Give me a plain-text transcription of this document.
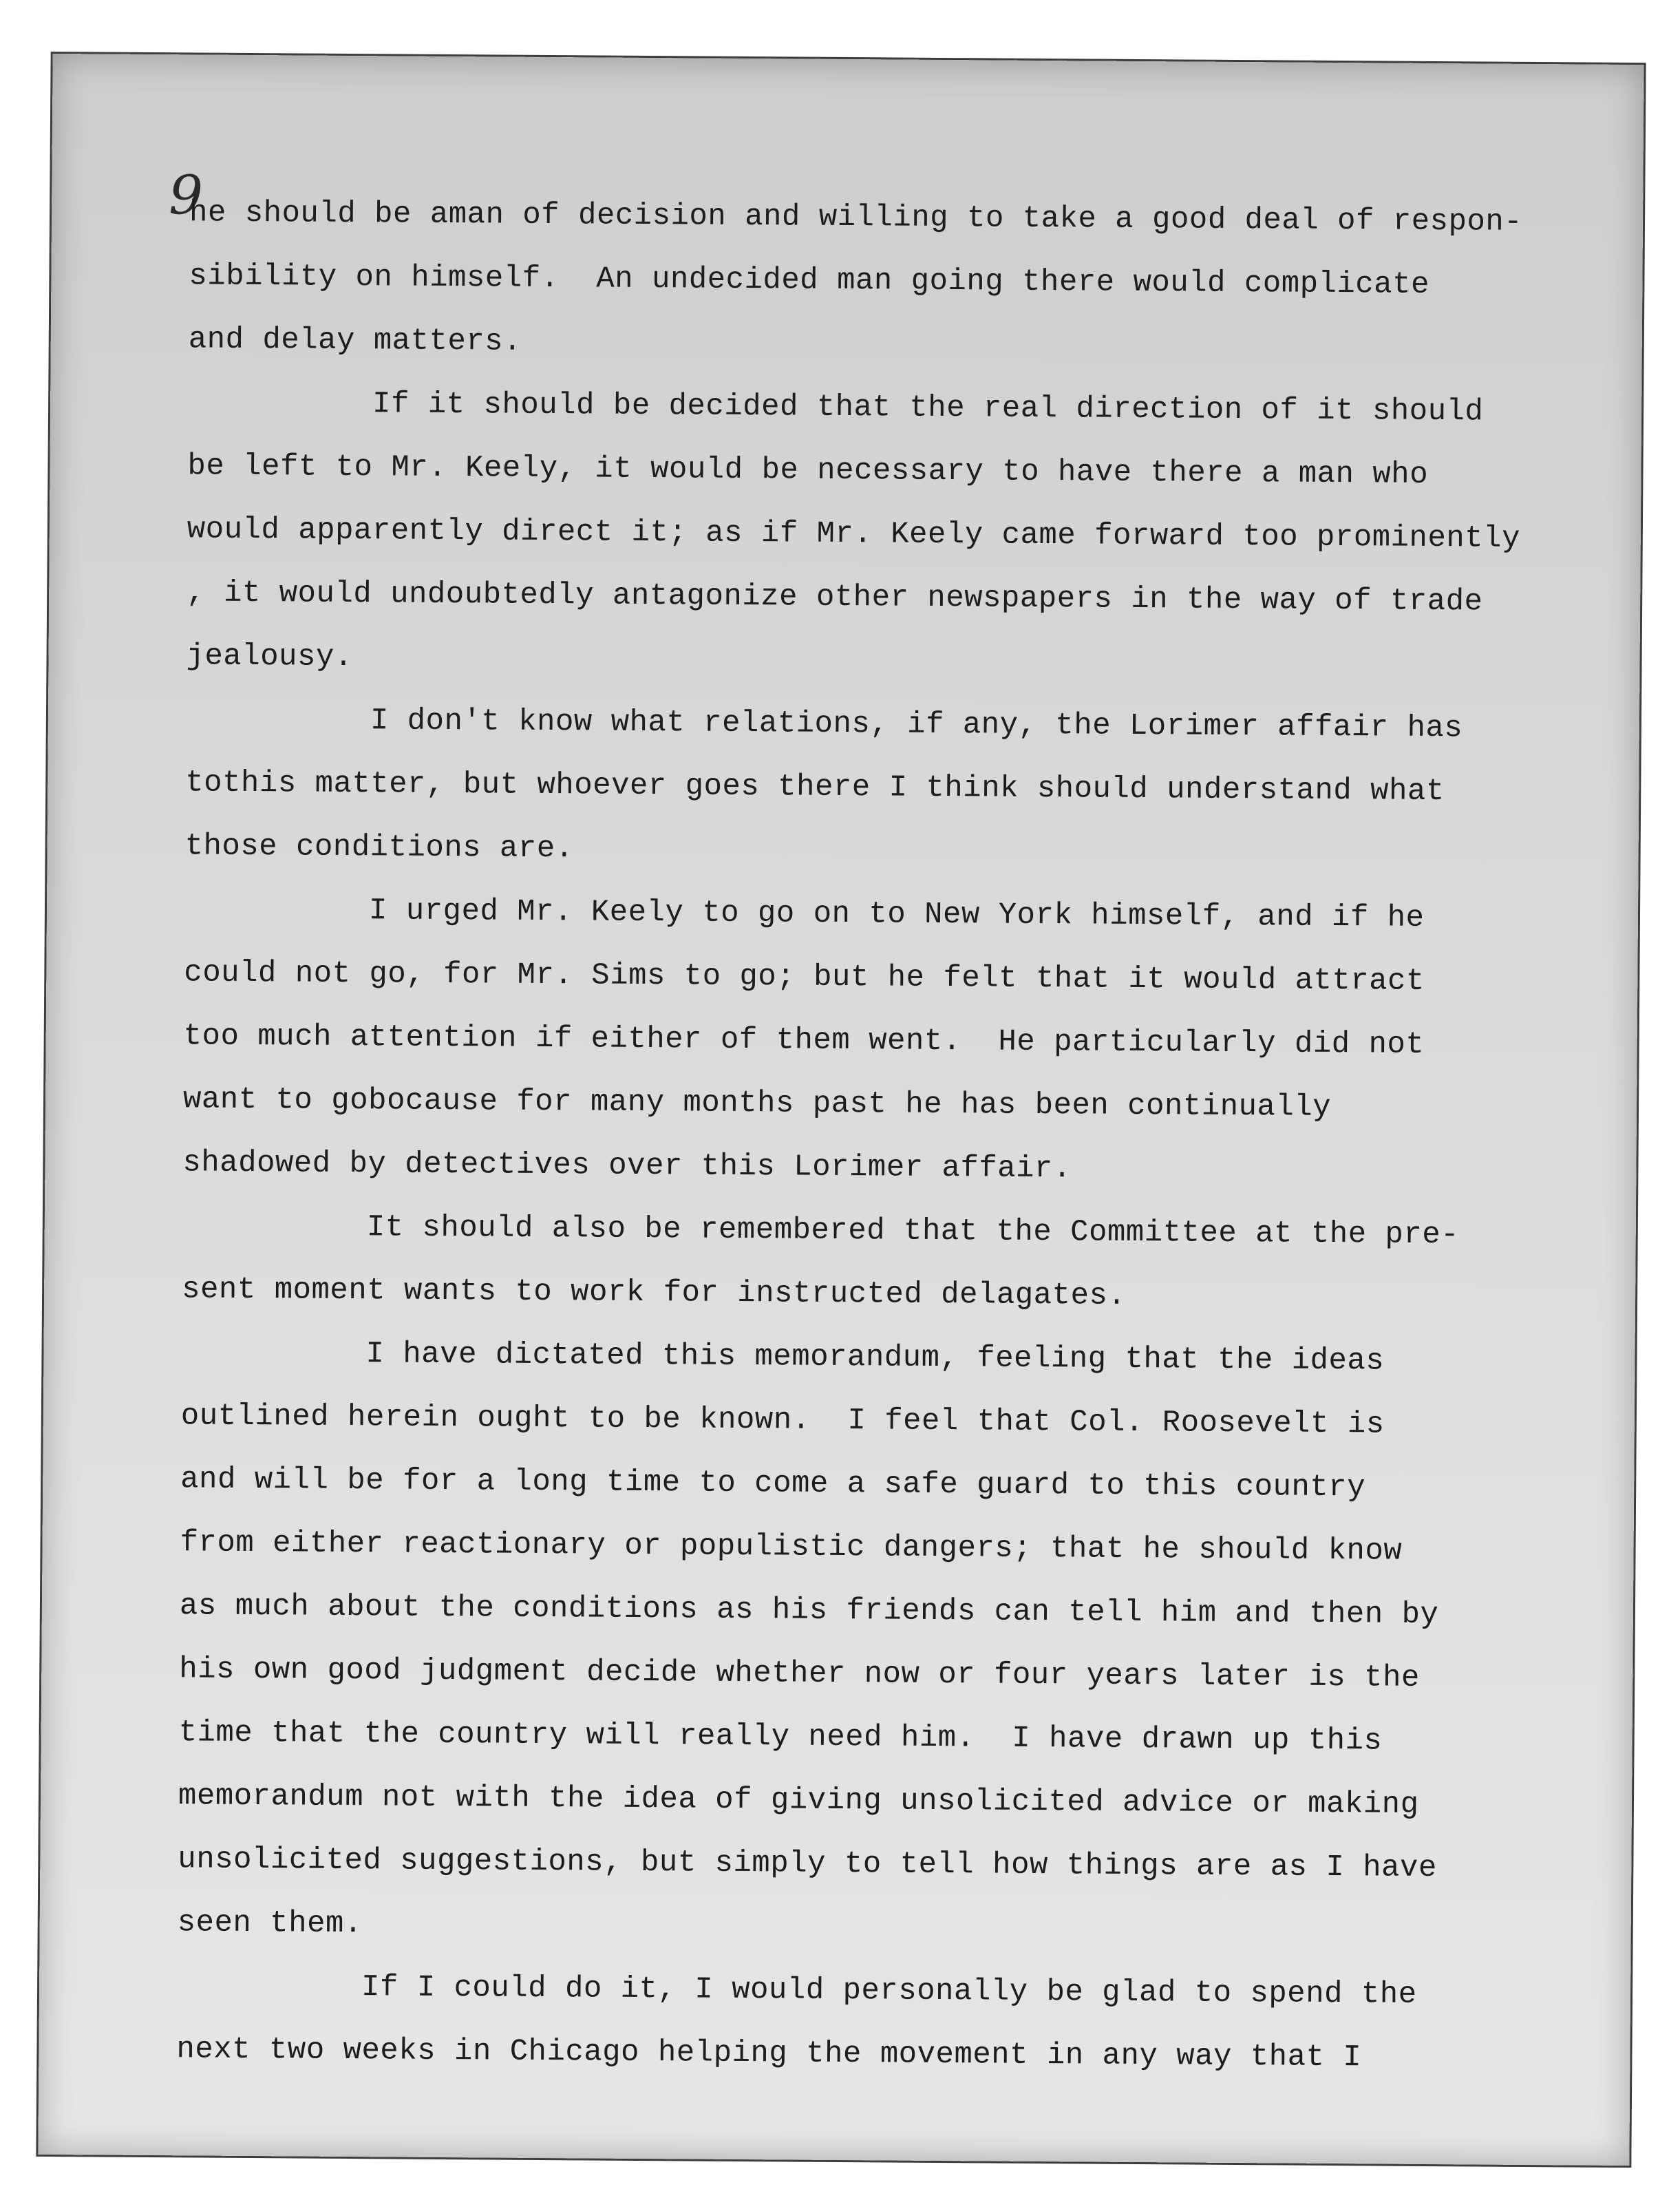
9
he should be aman of decision and willing to take a good deal of respon-
sibility on himself.  An undecided man going there would complicate
and delay matters.
If it should be decided that the real direction of it should
be left to Mr. Keely, it would be necessary to have there a man who
would apparently direct it; as if Mr. Keely came forward too prominently
, it would undoubtedly antagonize other newspapers in the way of trade
jealousy.
I don't know what relations, if any, the Lorimer affair has
tothis matter, but whoever goes there I think should understand what
those conditions are.
I urged Mr. Keely to go on to New York himself, and if he
could not go, for Mr. Sims to go; but he felt that it would attract
too much attention if either of them went.  He particularly did not
want to gobocause for many months past he has been continually
shadowed by detectives over this Lorimer affair.
It should also be remembered that the Committee at the pre-
sent moment wants to work for instructed delagates.
I have dictated this memorandum, feeling that the ideas
outlined herein ought to be known.  I feel that Col. Roosevelt is
and will be for a long time to come a safe guard to this country
from either reactionary or populistic dangers; that he should know
as much about the conditions as his friends can tell him and then by
his own good judgment decide whether now or four years later is the
time that the country will really need him.  I have drawn up this
memorandum not with the idea of giving unsolicited advice or making
unsolicited suggestions, but simply to tell how things are as I have
seen them.
If I could do it, I would personally be glad to spend the
next two weeks in Chicago helping the movement in any way that I
